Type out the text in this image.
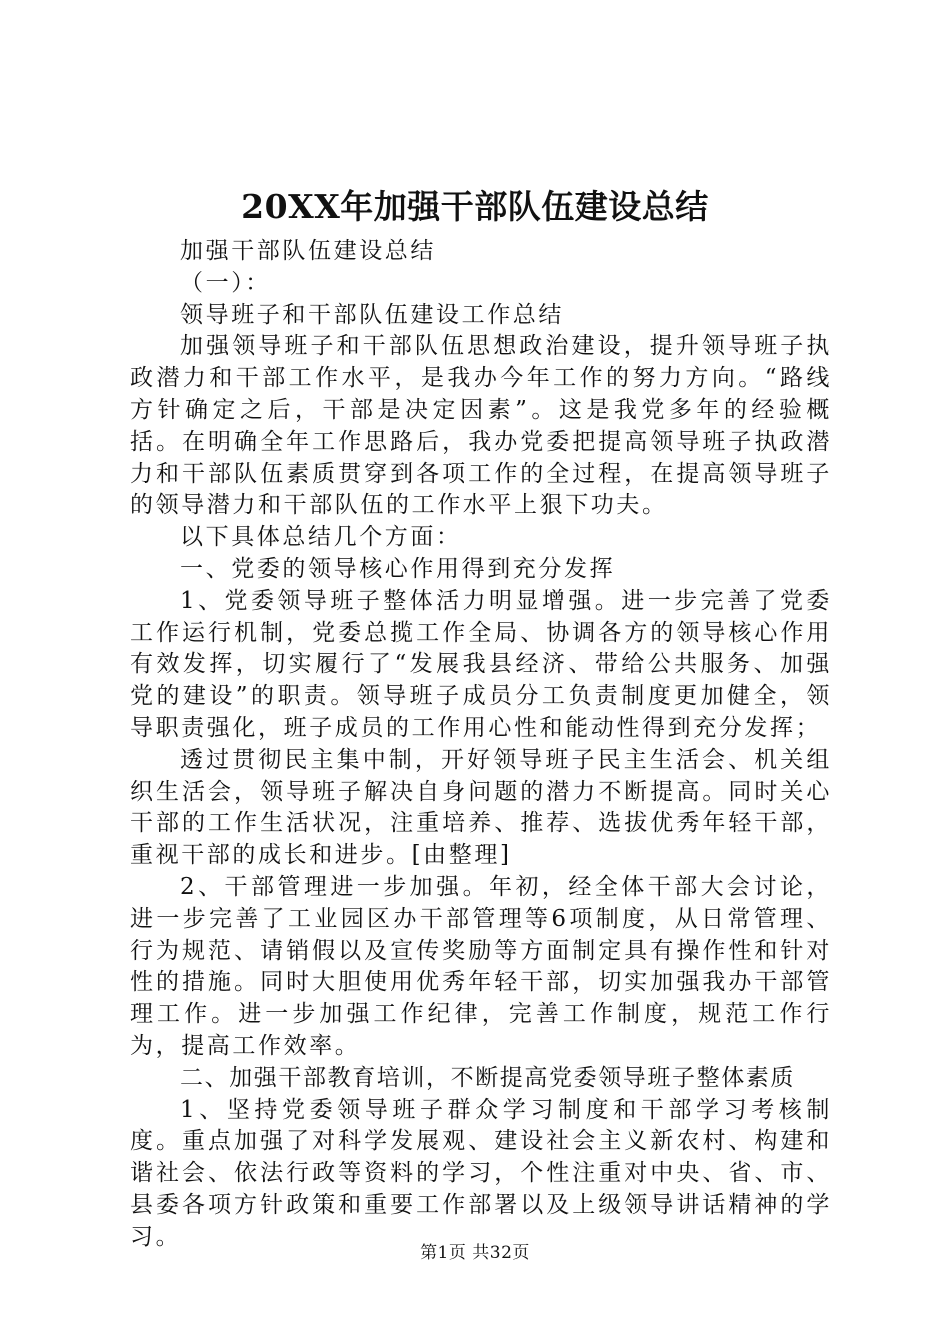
20XX年加强干部队伍建设总结

加强干部队伍建设总结

（一）：

领导班子和干部队伍建设工作总结

加强领导班子和干部队伍思想政治建设，提升领导班子执政潜力和干部工作水平，是我办今年工作的努力方向。“路线方针确定之后，干部是决定因素”。这是我党多年的经验概括。在明确全年工作思路后，我办党委把提高领导班子执政潜力和干部队伍素质贯穿到各项工作的全过程，在提高领导班子的领导潜力和干部队伍的工作水平上狠下功夫。

以下具体总结几个方面：

一、党委的领导核心作用得到充分发挥

1、党委领导班子整体活力明显增强。进一步完善了党委工作运行机制，党委总揽工作全局、协调各方的领导核心作用有效发挥，切实履行了“发展我县经济、带给公共服务、加强党的建设”的职责。领导班子成员分工负责制度更加健全，领导职责强化，班子成员的工作用心性和能动性得到充分发挥；

透过贯彻民主集中制，开好领导班子民主生活会、机关组织生活会，领导班子解决自身问题的潜力不断提高。同时关心干部的工作生活状况，注重培养、推荐、选拔优秀年轻干部，重视干部的成长和进步。[由整理]

2、干部管理进一步加强。年初，经全体干部大会讨论，进一步完善了工业园区办干部管理等6项制度，从日常管理、行为规范、请销假以及宣传奖励等方面制定具有操作性和针对性的措施。同时大胆使用优秀年轻干部，切实加强我办干部管理工作。进一步加强工作纪律，完善工作制度，规范工作行为，提高工作效率。

二、加强干部教育培训，不断提高党委领导班子整体素质

1、坚持党委领导班子群众学习制度和干部学习考核制度。重点加强了对科学发展观、建设社会主义新农村、构建和谐社会、依法行政等资料的学习，个性注重对中央、省、市、县委各项方针政策和重要工作部署以及上级领导讲话精神的学习。

第1页 共32页
